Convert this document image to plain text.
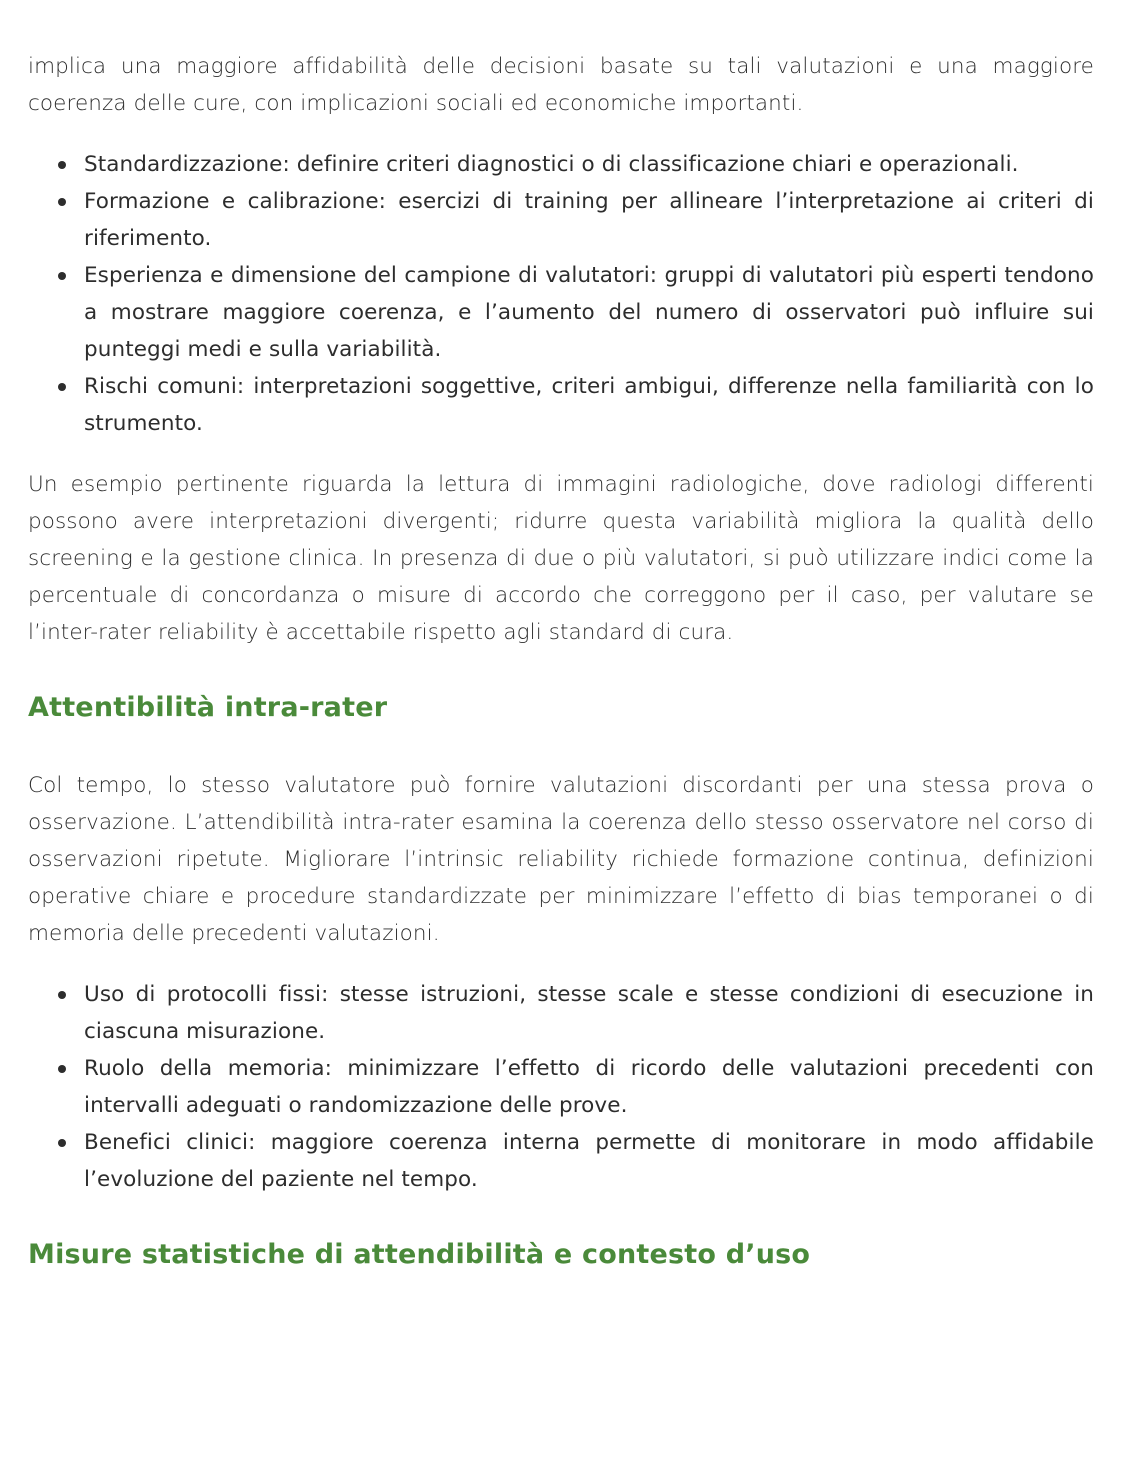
implica una maggiore affidabilità delle decisioni basate su tali valutazioni e una maggiore coerenza delle cure, con implicazioni sociali ed economiche importanti.

Standardizzazione: definire criteri diagnostici o di classificazione chiari e operazionali.
Formazione e calibrazione: esercizi di training per allineare l’interpretazione ai criteri di riferimento.
Esperienza e dimensione del campione di valutatori: gruppi di valutatori più esperti tendono a mostrare maggiore coerenza, e l’aumento del numero di osservatori può influire sui punteggi medi e sulla variabilità.
Rischi comuni: interpretazioni soggettive, criteri ambigui, differenze nella familiarità con lo strumento.

Un esempio pertinente riguarda la lettura di immagini radiologiche, dove radiologi differenti possono avere interpretazioni divergenti; ridurre questa variabilità migliora la qualità dello screening e la gestione clinica. In presenza di due o più valutatori, si può utilizzare indici come la percentuale di concordanza o misure di accordo che correggono per il caso, per valutare se l’inter-rater reliability è accettabile rispetto agli standard di cura.

Attentibilità intra-rater

Col tempo, lo stesso valutatore può fornire valutazioni discordanti per una stessa prova o osservazione. L’attendibilità intra-rater esamina la coerenza dello stesso osservatore nel corso di osservazioni ripetute. Migliorare l’intrinsic reliability richiede formazione continua, definizioni operative chiare e procedure standardizzate per minimizzare l’effetto di bias temporanei o di memoria delle precedenti valutazioni.

Uso di protocolli fissi: stesse istruzioni, stesse scale e stesse condizioni di esecuzione in ciascuna misurazione.
Ruolo della memoria: minimizzare l’effetto di ricordo delle valutazioni precedenti con intervalli adeguati o randomizzazione delle prove.
Benefici clinici: maggiore coerenza interna permette di monitorare in modo affidabile l’evoluzione del paziente nel tempo.
Misure statistiche di attendibilità e contesto d’uso
